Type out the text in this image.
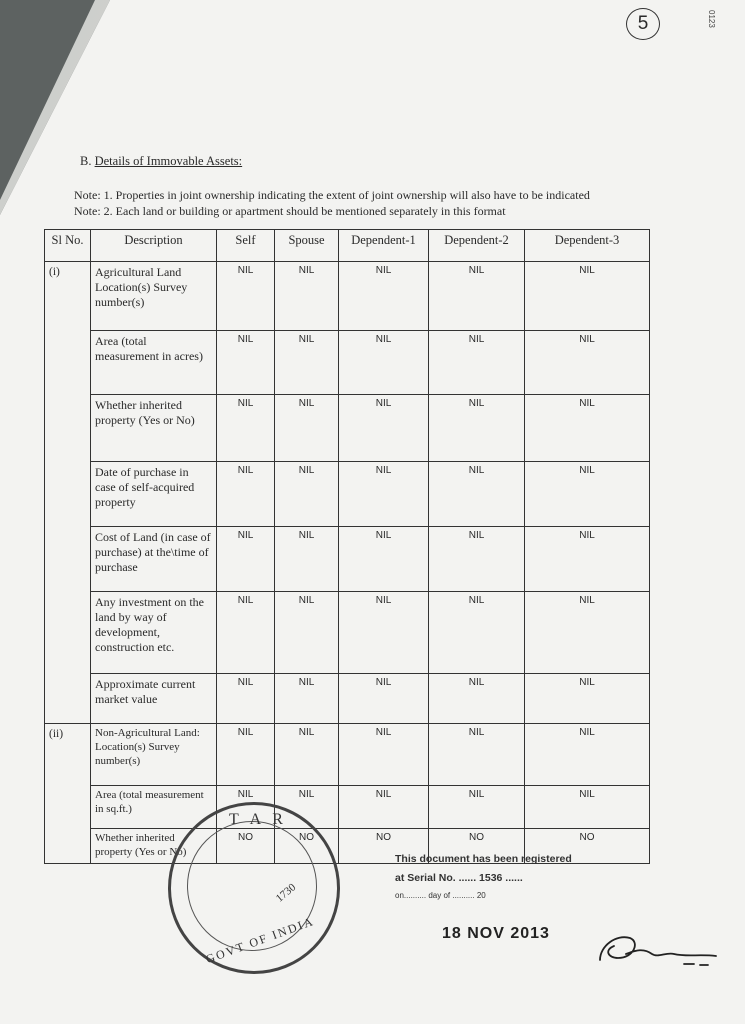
5	0123
B. Details of Immovable Assets:
Note: 1. Properties in joint ownership indicating the extent of joint ownership will also have to be indicated
Note: 2. Each land or building or apartment should be mentioned separately in this format
Sl No.	Description	Self	Spouse	Dependent-1	Dependent-2	Dependent-3
(i)	Agricultural Land Location(s) Survey number(s)	NIL	NIL	NIL	NIL	NIL
	Area (total measurement in acres)	NIL	NIL	NIL	NIL	NIL
	Whether inherited property (Yes or No)	NIL	NIL	NIL	NIL	NIL
	Date of purchase in case of self-acquired property	NIL	NIL	NIL	NIL	NIL
	Cost of Land (in case of purchase) at the\time of purchase	NIL	NIL	NIL	NIL	NIL
	Any investment on the land by way of development, construction etc.	NIL	NIL	NIL	NIL	NIL
	Approximate current market value	NIL	NIL	NIL	NIL	NIL
(ii)	Non-Agricultural Land: Location(s) Survey number(s)	NIL	NIL	NIL	NIL	NIL
	Area (total measurement in sq.ft.)	NIL	NIL	NIL	NIL	NIL
	Whether inherited property (Yes or No)	NO	NO	NO	NO	NO
T A R
1730
GOVT OF INDIA
This document has been registered
at Serial No. ...... 1536 ......
on.......... day of .......... 20
18 NOV 2013
